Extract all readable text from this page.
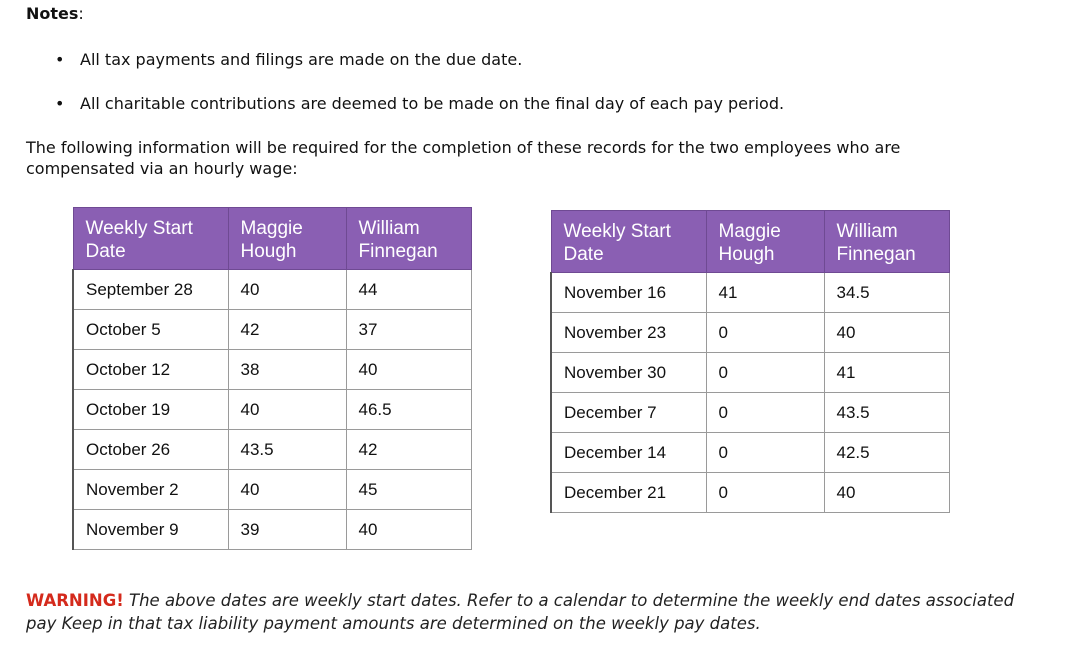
Notes:
• All tax payments and filings are made on the due date.
• All charitable contributions are deemed to be made on the final day of each pay period.
The following information will be required for the completion of these records for the two employees who are compensated via an hourly wage:
Weekly Start Date	Maggie Hough	William Finnegan
September 28	40	44
October 5	42	37
October 12	38	40
October 19	40	46.5
October 26	43.5	42
November 2	40	45
November 9	39	40
Weekly Start Date	Maggie Hough	William Finnegan
November 16	41	34.5
November 23	0	40
November 30	0	41
December 7	0	43.5
December 14	0	42.5
December 21	0	40
WARNING! The above dates are weekly start dates. Refer to a calendar to determine the weekly end dates associated pay Keep in that tax liability payment amounts are determined on the weekly pay dates.
